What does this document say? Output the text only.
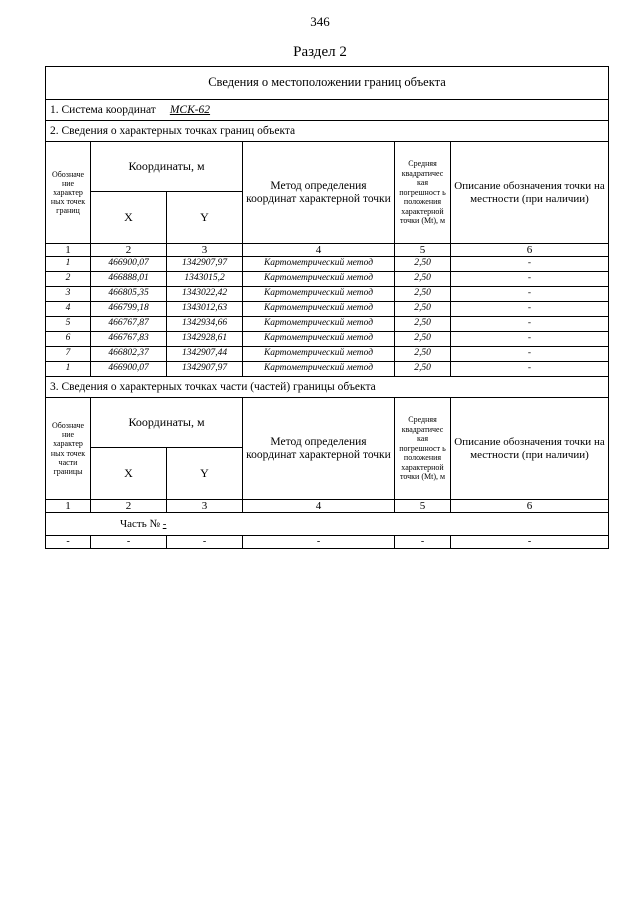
346
Раздел 2
Сведения о местоположении границ объекта					
1. Система координат МСК-62					
2. Сведения о характерных точках границ объекта					
Обозначе ние характер ных точек границ	Координаты, м		Метод определения координат характерной точки	Средняя квадратичес кая погрешност ь положения характерной точки (Mt), м	Описание обозначения точки на местности (при наличии)
	X	Y			
1	2	3	4	5	6
1	466900,07	1342907,97	Картометрический метод	2,50	-
2	466888,01	1343015,2	Картометрический метод	2,50	-
3	466805,35	1343022,42	Картометрический метод	2,50	-
4	466799,18	1343012,63	Картометрический метод	2,50	-
5	466767,87	1342934,66	Картометрический метод	2,50	-
6	466767,83	1342928,61	Картометрический метод	2,50	-
7	466802,37	1342907,44	Картометрический метод	2,50	-
1	466900,07	1342907,97	Картометрический метод	2,50	-
3. Сведения о характерных точках части (частей) границы объекта					
Обозначе ние характер ных точек части границы	Координаты, м		Метод определения координат характерной точки	Средняя квадратичес кая погрешност ь положения характерной точки (Mt), м	Описание обозначения точки на местности (при наличии)
	X	Y			
1	2	3	4	5	6
Часть № -					
-	-	-	-	-	-
